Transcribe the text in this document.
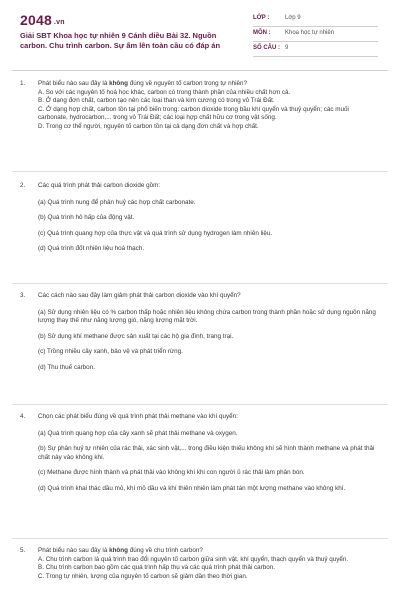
2048 .vn
Giải SBT Khoa học tự nhiên 9 Cánh diều Bài 32. Nguồn carbon. Chu trình carbon. Sự ấm lên toàn cầu có đáp án
LỚP :	Lớp 9
MÔN :	Khoa học tự nhiên
SỐ CÂU : 9
1.	Phát biểu nào sau đây là không đúng về nguyên tố carbon trong tự nhiên?
A. So với các nguyên tố hoá học khác, carbon có trong thành phần của nhiều chất hơn cả.
B. Ở dạng đơn chất, carbon tạo nên các loại than và kim cương có trong vỏ Trái Đất.
C. Ở dạng hợp chất, carbon tồn tại phổ biến trong: carbon dioxide trong bầu khí quyển và thuỷ quyển; các muối carbonate, hydrocarbon,... trong vỏ Trái Đất; các loại hợp chất hữu cơ trong vật sống.
D. Trong cơ thể người, nguyên tố carbon tồn tại cả dạng đơn chất và hợp chất.
2.	Các quá trình phát thải carbon dioxide gồm:
(a) Quá trình nung để phân huỷ các hợp chất carbonate.
(b) Quá trình hô hấp của động vật.
(c) Quá trình quang hợp của thực vật và quá trình sử dụng hydrogen làm nhiên liệu.
(d) Quá trình đốt nhiên liệu hoá thạch.
3.	Các cách nào sau đây làm giảm phát thải carbon dioxide vào khí quyển?
(a) Sử dụng nhiên liệu có % carbon thấp hoặc nhiên liệu không chứa carbon trong thành phần hoặc sử dụng nguồn năng lượng thay thế như năng lượng gió, năng lượng mặt trời.
(b) Sử dụng khí methane được sản xuất tại các hộ gia đình, trang trại.
(c) Trồng nhiều cây xanh, bảo vệ và phát triển rừng.
(d) Thu thuế carbon.
4.	Chọn các phát biểu đúng về quá trình phát thải methane vào khí quyển:
(a) Quá trình quang hợp của cây xanh sẽ phát thải methane và oxygen.
(b) Sự phân huỷ tự nhiên của rác thải, xác sinh vật,... trong điều kiện thiếu không khí sẽ hình thành methane và phát thải chất này vào không khí.
(c) Methane được hình thành và phát thải vào không khí khi con người ủ rác thải làm phân bón.
(d) Quá trình khai thác dầu mỏ, khí mỏ dầu và khí thiên nhiên làm phát tán một lượng methane vào không khí.
5.	Phát biểu nào sau đây là không đúng về chu trình carbon?
A. Chu trình carbon là quá trình trao đổi nguyên tố carbon giữa sinh vật, khí quyển, thạch quyển và thuỷ quyển.
B. Chu trình carbon bao gồm các quá trình hấp thụ và các quá trình phát thải carbon.
C. Trong tự nhiên, lượng của nguyên tố carbon sẽ giảm dần theo thời gian.
